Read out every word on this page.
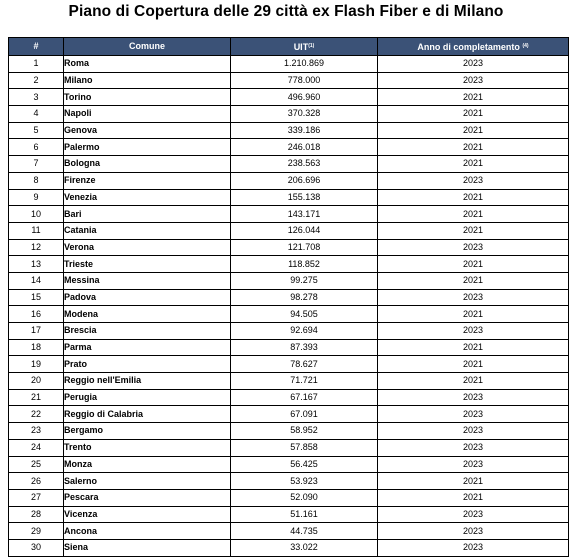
Piano di Copertura delle 29 città ex Flash Fiber e di Milano
#	Comune	UIT$^{(1)}$	Anno di completamento $^{(4)}$
1	Roma	1.210.869	2023
2	Milano	778.000	2023
3	Torino	496.960	2021
4	Napoli	370.328	2021
5	Genova	339.186	2021
6	Palermo	246.018	2021
7	Bologna	238.563	2021
8	Firenze	206.696	2023
9	Venezia	155.138	2021
10	Bari	143.171	2021
11	Catania	126.044	2021
12	Verona	121.708	2023
13	Trieste	118.852	2021
14	Messina	99.275	2021
15	Padova	98.278	2023
16	Modena	94.505	2021
17	Brescia	92.694	2023
18	Parma	87.393	2021
19	Prato	78.627	2021
20	Reggio nell'Emilia	71.721	2021
21	Perugia	67.167	2023
22	Reggio di Calabria	67.091	2023
23	Bergamo	58.952	2023
24	Trento	57.858	2023
25	Monza	56.425	2023
26	Salerno	53.923	2021
27	Pescara	52.090	2021
28	Vicenza	51.161	2023
29	Ancona	44.735	2023
30	Siena	33.022	2023
